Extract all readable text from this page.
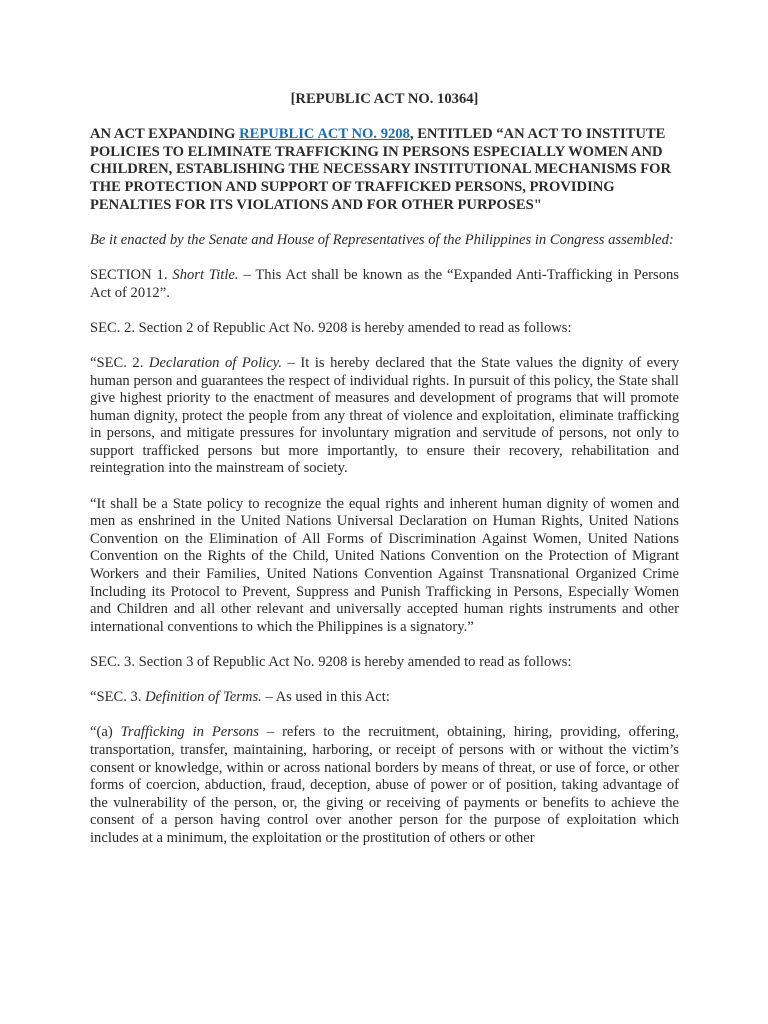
[REPUBLIC ACT NO. 10364]

AN ACT EXPANDING REPUBLIC ACT NO. 9208, ENTITLED “AN ACT TO INSTITUTE POLICIES TO ELIMINATE TRAFFICKING IN PERSONS ESPECIALLY WOMEN AND CHILDREN, ESTABLISHING THE NECESSARY INSTITUTIONAL MECHANISMS FOR THE PROTECTION AND SUPPORT OF TRAFFICKED PERSONS, PROVIDING PENALTIES FOR ITS VIOLATIONS AND FOR OTHER PURPOSES"

Be it enacted by the Senate and House of Representatives of the Philippines in Congress assembled:

SECTION 1. Short Title. – This Act shall be known as the “Expanded Anti-Trafficking in Persons Act of 2012”.

SEC. 2. Section 2 of Republic Act No. 9208 is hereby amended to read as follows:

“SEC. 2. Declaration of Policy. – It is hereby declared that the State values the dignity of every human person and guarantees the respect of individual rights. In pursuit of this policy, the State shall give highest priority to the enactment of measures and development of programs that will promote human dignity, protect the people from any threat of violence and exploitation, eliminate trafficking in persons, and mitigate pressures for involuntary migration and servitude of persons, not only to support trafficked persons but more importantly, to ensure their recovery, rehabilitation and reintegration into the mainstream of society.

“It shall be a State policy to recognize the equal rights and inherent human dignity of women and men as enshrined in the United Nations Universal Declaration on Human Rights, United Nations Convention on the Elimination of All Forms of Discrimination Against Women, United Nations Convention on the Rights of the Child, United Nations Convention on the Protection of Migrant Workers and their Families, United Nations Convention Against Transnational Organized Crime Including its Protocol to Prevent, Suppress and Punish Trafficking in Persons, Especially Women and Children and all other relevant and universally accepted human rights instruments and other international conventions to which the Philippines is a signatory.”

SEC. 3. Section 3 of Republic Act No. 9208 is hereby amended to read as follows:

“SEC. 3. Definition of Terms. – As used in this Act:

“(a) Trafficking in Persons – refers to the recruitment, obtaining, hiring, providing, offering, transportation, transfer, maintaining, harboring, or receipt of persons with or without the victim’s consent or knowledge, within or across national borders by means of threat, or use of force, or other forms of coercion, abduction, fraud, deception, abuse of power or of position, taking advantage of the vulnerability of the person, or, the giving or receiving of payments or benefits to achieve the consent of a person having control over another person for the purpose of exploitation which includes at a minimum, the exploitation or the prostitution of others or other
